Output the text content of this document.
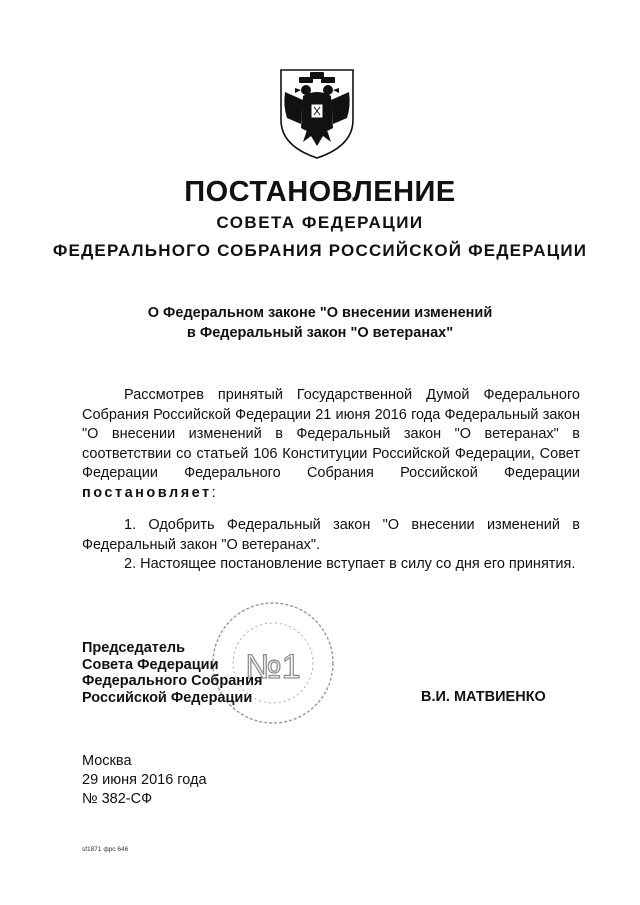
ПОСТАНОВЛЕНИЕ
СОВЕТА ФЕДЕРАЦИИ
ФЕДЕРАЛЬНОГО СОБРАНИЯ РОССИЙСКОЙ ФЕДЕРАЦИИ
О Федеральном законе "О внесении изменений
в Федеральный закон "О ветеранах"

Рассмотрев принятый Государственной Думой Федерального Собрания Российской Федерации 21 июня 2016 года Федеральный закон "О внесении изменений в Федеральный закон "О ветеранах" в соответствии со статьей 106 Конституции Российской Федерации, Совет Федерации Федерального Собрания Российской Федерации постановляет:

1. Одобрить Федеральный закон "О внесении изменений в Федеральный закон "О ветеранах".

2. Настоящее постановление вступает в силу со дня его принятия.

№1
Председатель
Совета Федерации
Федерального Собрания
Российской Федерации	В.И. МАТВИЕНКО
Москва
29 июня 2016 года
№ 382-СФ
sf1871 фрс 646
